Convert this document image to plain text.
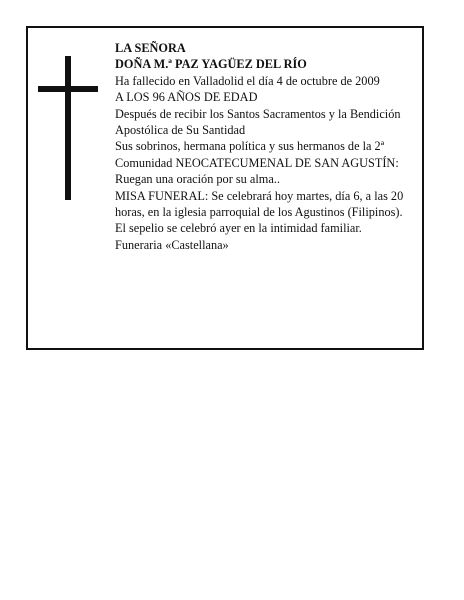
LA SEÑORA
DOÑA M.ª PAZ YAGÜEZ DEL RÍO
Ha fallecido en Valladolid el día 4 de octubre de 2009
A LOS 96 AÑOS DE EDAD
Después de recibir los Santos Sacramentos y la Bendición Apostólica de Su Santidad
Sus sobrinos, hermana política y sus hermanos de la 2ª Comunidad NEOCATECUMENAL DE SAN AGUSTÍN:
Ruegan una oración por su alma..
MISA FUNERAL: Se celebrará hoy martes, día 6, a las 20 horas, en la iglesia parroquial de los Agustinos (Filipinos).
El sepelio se celebró ayer en la intimidad familiar.
Funeraria «Castellana»
